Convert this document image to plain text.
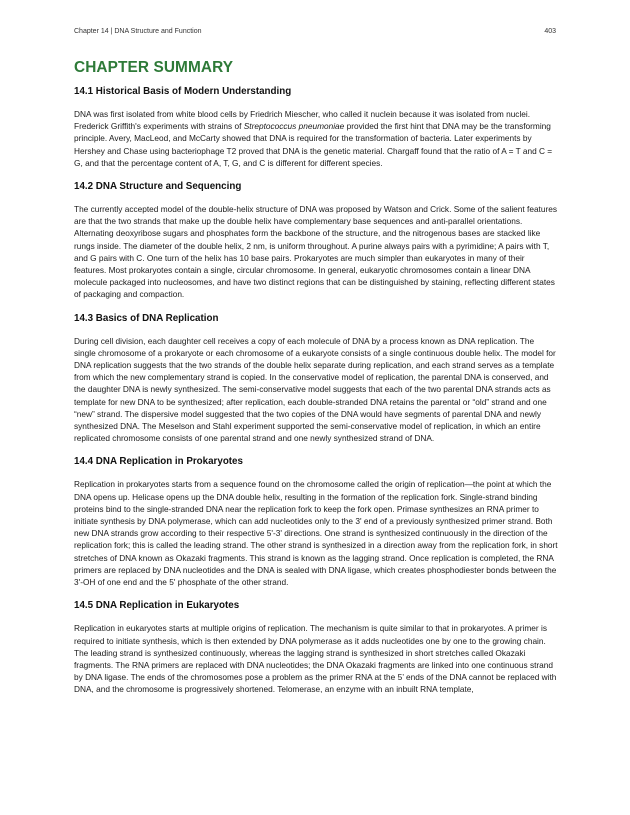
Chapter 14 | DNA Structure and Function	403
CHAPTER SUMMARY
14.1 Historical Basis of Modern Understanding

DNA was first isolated from white blood cells by Friedrich Miescher, who called it nuclein because it was isolated from nuclei. Frederick Griffith's experiments with strains of Streptococcus pneumoniae provided the first hint that DNA may be the transforming principle. Avery, MacLeod, and McCarty showed that DNA is required for the transformation of bacteria. Later experiments by Hershey and Chase using bacteriophage T2 proved that DNA is the genetic material. Chargaff found that the ratio of A = T and C = G, and that the percentage content of A, T, G, and C is different for different species.

14.2 DNA Structure and Sequencing

The currently accepted model of the double-helix structure of DNA was proposed by Watson and Crick. Some of the salient features are that the two strands that make up the double helix have complementary base sequences and anti-parallel orientations. Alternating deoxyribose sugars and phosphates form the backbone of the structure, and the nitrogenous bases are stacked like rungs inside. The diameter of the double helix, 2 nm, is uniform throughout. A purine always pairs with a pyrimidine; A pairs with T, and G pairs with C. One turn of the helix has 10 base pairs. Prokaryotes are much simpler than eukaryotes in many of their features. Most prokaryotes contain a single, circular chromosome. In general, eukaryotic chromosomes contain a linear DNA molecule packaged into nucleosomes, and have two distinct regions that can be distinguished by staining, reflecting different states of packaging and compaction.

14.3 Basics of DNA Replication

During cell division, each daughter cell receives a copy of each molecule of DNA by a process known as DNA replication. The single chromosome of a prokaryote or each chromosome of a eukaryote consists of a single continuous double helix. The model for DNA replication suggests that the two strands of the double helix separate during replication, and each strand serves as a template from which the new complementary strand is copied. In the conservative model of replication, the parental DNA is conserved, and the daughter DNA is newly synthesized. The semi-conservative model suggests that each of the two parental DNA strands acts as template for new DNA to be synthesized; after replication, each double-stranded DNA retains the parental or “old” strand and one “new” strand. The dispersive model suggested that the two copies of the DNA would have segments of parental DNA and newly synthesized DNA. The Meselson and Stahl experiment supported the semi-conservative model of replication, in which an entire replicated chromosome consists of one parental strand and one newly synthesized strand of DNA.

14.4 DNA Replication in Prokaryotes

Replication in prokaryotes starts from a sequence found on the chromosome called the origin of replication—the point at which the DNA opens up. Helicase opens up the DNA double helix, resulting in the formation of the replication fork. Single-strand binding proteins bind to the single-stranded DNA near the replication fork to keep the fork open. Primase synthesizes an RNA primer to initiate synthesis by DNA polymerase, which can add nucleotides only to the 3' end of a previously synthesized primer strand. Both new DNA strands grow according to their respective 5'-3' directions. One strand is synthesized continuously in the direction of the replication fork; this is called the leading strand. The other strand is synthesized in a direction away from the replication fork, in short stretches of DNA known as Okazaki fragments. This strand is known as the lagging strand. Once replication is completed, the RNA primers are replaced by DNA nucleotides and the DNA is sealed with DNA ligase, which creates phosphodiester bonds between the 3'-OH of one end and the 5' phosphate of the other strand.

14.5 DNA Replication in Eukaryotes

Replication in eukaryotes starts at multiple origins of replication. The mechanism is quite similar to that in prokaryotes. A primer is required to initiate synthesis, which is then extended by DNA polymerase as it adds nucleotides one by one to the growing chain. The leading strand is synthesized continuously, whereas the lagging strand is synthesized in short stretches called Okazaki fragments. The RNA primers are replaced with DNA nucleotides; the DNA Okazaki fragments are linked into one continuous strand by DNA ligase. The ends of the chromosomes pose a problem as the primer RNA at the 5’ ends of the DNA cannot be replaced with DNA, and the chromosome is progressively shortened. Telomerase, an enzyme with an inbuilt RNA template,
